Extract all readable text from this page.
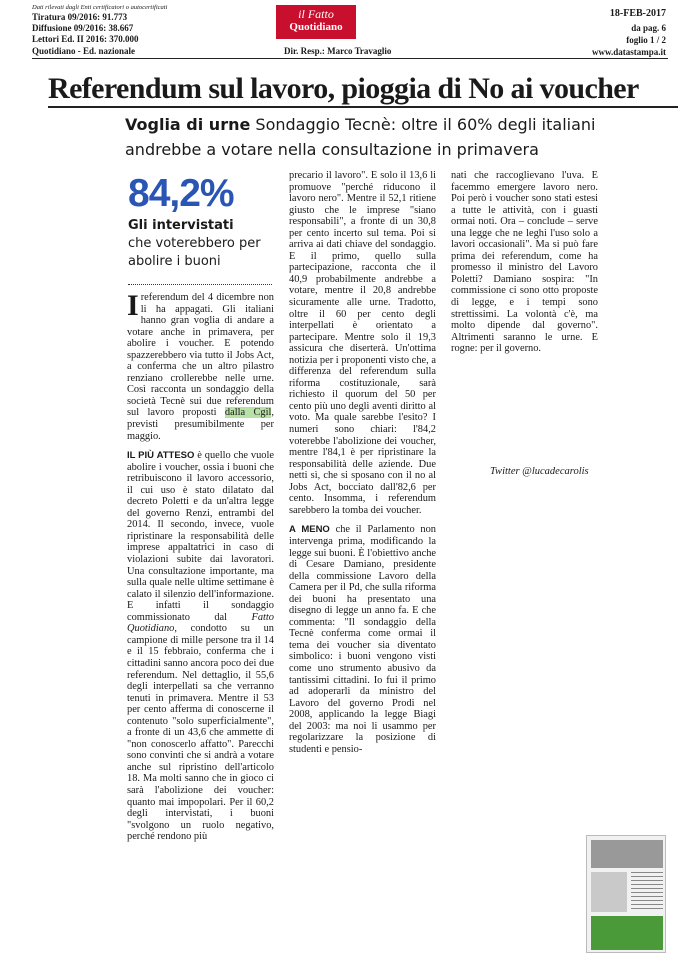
Dati rilevati dagli Enti certificatori o autocertificati
Tiratura 09/2016: 91.773
Diffusione 09/2016: 38.667
Lettori Ed. II 2016: 370.000
Quotidiano - Ed. nazionale
il Fatto
Quotidiano
Dir. Resp.: Marco Travaglio
18-FEB-2017
da pag. 6
foglio 1 / 2
www.datastampa.it
Referendum sul lavoro, pioggia di No ai voucher
Voglia di urne Sondaggio Tecnè: oltre il 60% degli italiani andrebbe a votare nella consultazione in primavera
84,2%
Gli intervistati
che voterebbero per abolire i buoni

I referendum del 4 dicembre non li ha appagati. Gli italiani hanno gran voglia di andare a votare anche in primavera, per abolire i voucher. E potendo spazzerebbero via tutto il Jobs Act, a conferma che un altro pilastro renziano crollerebbe nelle urne. Così racconta un sondaggio della società Tecnè sui due referendum sul lavoro proposti dalla Cgil, previsti presumibilmente per maggio.

IL PIÙ ATTESO è quello che vuole abolire i voucher, ossia i buoni che retribuiscono il lavoro accessorio, il cui uso è stato dilatato dal decreto Poletti e da un'altra legge del governo Renzi, entrambi del 2014. Il secondo, invece, vuole ripristinare la responsabilità delle imprese appaltatrici in caso di violazioni subite dai lavoratori. Una consultazione importante, ma sulla quale nelle ultime settimane è calato il silenzio dell'informazione. E infatti il sondaggio commissionato dal Fatto Quotidiano, condotto su un campione di mille persone tra il 14 e il 15 febbraio, conferma che i cittadini sanno ancora poco dei due referendum. Nel dettaglio, il 55,6 degli interpellati sa che verranno tenuti in primavera. Mentre il 53 per cento afferma di conoscerne il contenuto "solo superficialmente", a fronte di un 43,6 che ammette di "non conoscerlo affatto". Parecchi sono convinti che si andrà a votare anche sul ripristino dell'articolo 18. Ma molti sanno che in gioco ci sarà l'abolizione dei voucher: quanto mai impopolari. Per il 60,2 degli intervistati, i buoni "svolgono un ruolo negativo, perché rendono più

precario il lavoro". E solo il 13,6 li promuove "perché riducono il lavoro nero". Mentre il 52,1 ritiene giusto che le imprese "siano responsabili", a fronte di un 30,8 per cento incerto sul tema. Poi si arriva ai dati chiave del sondaggio. E il primo, quello sulla partecipazione, racconta che il 40,9 probabilmente andrebbe a votare, mentre il 20,8 andrebbe sicuramente alle urne. Tradotto, oltre il 60 per cento degli interpellati è orientato a partecipare. Mentre solo il 19,3 assicura che diserterà. Un'ottima notizia per i proponenti visto che, a differenza del referendum sulla riforma costituzionale, sarà richiesto il quorum del 50 per cento più uno degli aventi diritto al voto. Ma quale sarebbe l'esito? I numeri sono chiari: l'84,2 voterebbe l'abolizione dei voucher, mentre l'84,1 è per ripristinare la responsabilità delle aziende. Due netti sì, che si sposano con il no al Jobs Act, bocciato dall'82,6 per cento. Insomma, i referendum sarebbero la tomba dei voucher.

A MENO che il Parlamento non intervenga prima, modificando la legge sui buoni. È l'obiettivo anche di Cesare Damiano, presidente della commissione Lavoro della Camera per il Pd, che sulla riforma dei buoni ha presentato una disegno di legge un anno fa. E che commenta: "Il sondaggio della Tecnè conferma come ormai il tema dei voucher sia diventato simbolico: i buoni vengono visti come uno strumento abusivo da tantissimi cittadini. Io fui il primo ad adoperarli da ministro del Lavoro del governo Prodi nel 2008, applicando la legge Biagi del 2003: ma noi li usammo per regolarizzare la posizione di studenti e pensio-

nati che raccoglievano l'uva. E facemmo emergere lavoro nero. Poi però i voucher sono stati estesi a tutte le attività, con i guasti ormai noti. Ora – conclude – serve una legge che ne leghi l'uso solo a lavori occasionali". Ma si può fare prima dei referendum, come ha promesso il ministro del Lavoro Poletti? Damiano sospira: "In commissione ci sono otto proposte di legge, e i tempi sono strettissimi. La volontà c'è, ma molto dipende dal governo". Altrimenti saranno le urne. E rogne: per il governo.

Twitter @lucadecarolis
